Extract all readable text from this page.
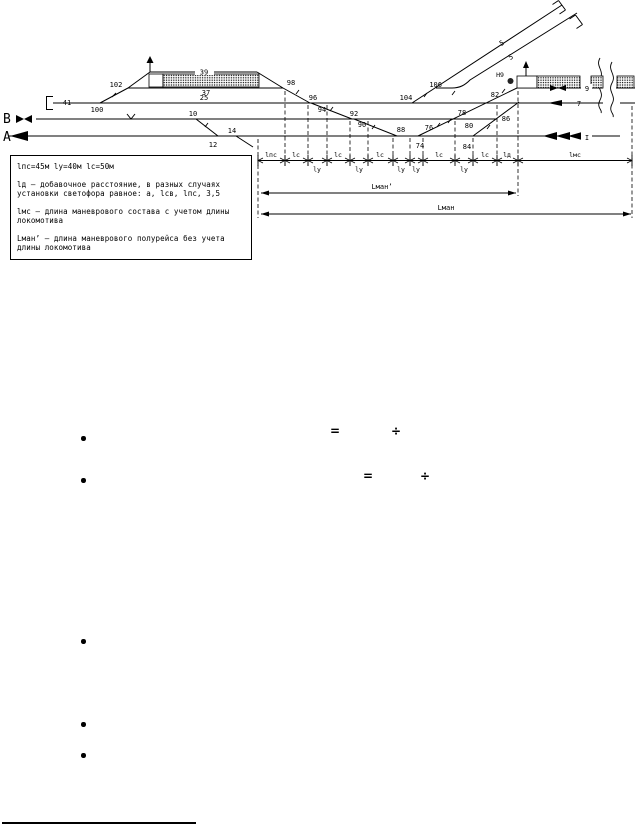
Lман’
Lман
В
А
41
100
102
10
12
14
98
96
94	92
90
88
74
76
78
80
84
86
82
104
106
39
37
25
9
7
I
5
5
Н9
lпс lс	lс	lс	lс	lс lд	lмс
lу	lу	lу lу	lу

lпс=45м lу=40м lс=50м

lд – добавочное расстояние, в разных случаях установки светофора равное: а, lсв, lпс, 3,5

lмс – длина маневрового состава с учетом длины локомотива

Lман’ – длина маневрового полурейса без учета длины локомотива

=	÷
=	÷
